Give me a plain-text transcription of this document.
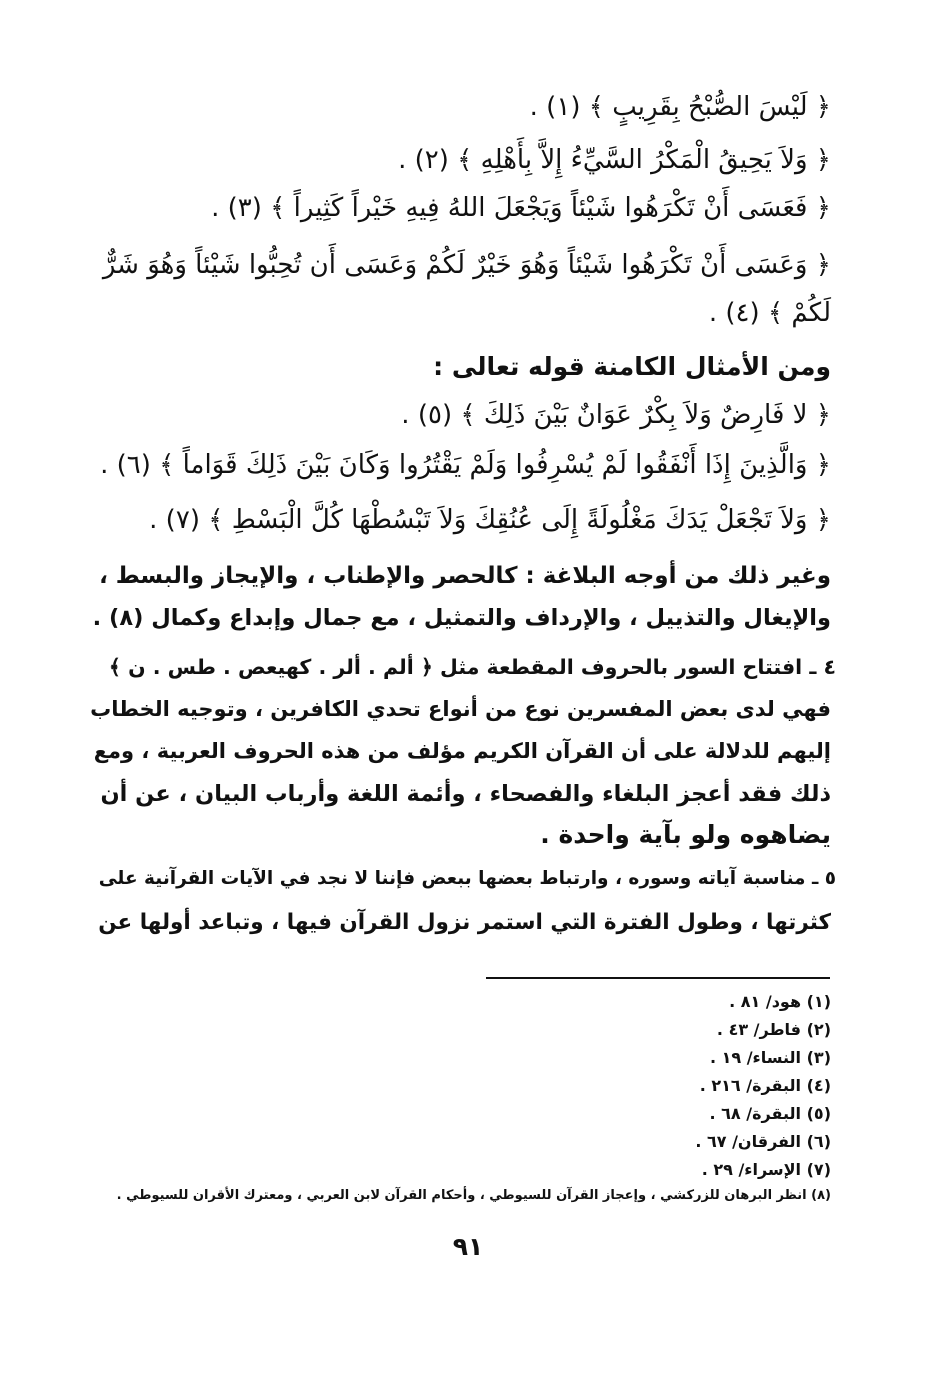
﴿ لَيْسَ الصُّبْحُ بِقَرِيبٍ ﴾ (١) .
﴿ وَلاَ يَحِيقُ الْمَكْرُ السَّيِّءُ إِلاَّ بِأَهْلِهِ ﴾ (٢) .
﴿ فَعَسَى أَنْ تَكْرَهُوا شَيْئاً وَيَجْعَلَ اللهُ فِيهِ خَيْراً كَثِيراً ﴾ (٣) .
﴿ وَعَسَى أَنْ تَكْرَهُوا شَيْئاً وَهُوَ خَيْرٌ لَكُمْ وَعَسَى أَن تُحِبُّوا شَيْئاً وَهُوَ شَرٌّ
لَكُمْ ﴾ (٤) .
ومن الأمثال الكامنة قوله تعالى :
﴿ لا فَارِضٌ وَلاَ بِكْرٌ عَوَانٌ بَيْنَ ذَلِكَ ﴾ (٥) .
﴿ وَالَّذِينَ إِذَا أَنْفَقُوا لَمْ يُسْرِفُوا وَلَمْ يَقْتُرُوا وَكَانَ بَيْنَ ذَلِكَ قَوَاماً ﴾ (٦) .
﴿ وَلاَ تَجْعَلْ يَدَكَ مَغْلُولَةً إِلَى عُنُقِكَ وَلاَ تَبْسُطْهَا كُلَّ الْبَسْطِ ﴾ (٧) .
وغير ذلك من أوجه البلاغة : كالحصر والإطناب ، والإيجاز والبسط ،
والإيغال والتذييل ، والإرداف والتمثيل ، مع جمال وإبداع وكمال (٨) .
٤ ـ افتتاح السور بالحروف المقطعة مثل ﴿ ألم . ألر . كهيعص . طس . ن ﴾
فهي لدى بعض المفسرين نوع من أنواع تحدي الكافرين ، وتوجيه الخطاب
إليهم للدلالة على أن القرآن الكريم مؤلف من هذه الحروف العربية ، ومع
ذلك فقد أعجز البلغاء والفصحاء ، وأئمة اللغة وأرباب البيان ، عن أن
يضاهوه ولو بآية واحدة .
٥ ـ مناسبة آياته وسوره ، وارتباط بعضها ببعض فإننا لا نجد في الآيات القرآنية على
كثرتها ، وطول الفترة التي استمر نزول القرآن فيها ، وتباعد أولها عن
(١) هود/ ٨١ .
(٢) فاطر/ ٤٣ .
(٣) النساء/ ١٩ .
(٤) البقرة/ ٢١٦ .
(٥) البقرة/ ٦٨ .
(٦) الفرقان/ ٦٧ .
(٧) الإسراء/ ٢٩ .
(٨) انظر البرهان للزركشي ، وإعجاز القرآن للسيوطي ، وأحكام القرآن لابن العربي ، ومعترك الأقران للسيوطي .
٩١
